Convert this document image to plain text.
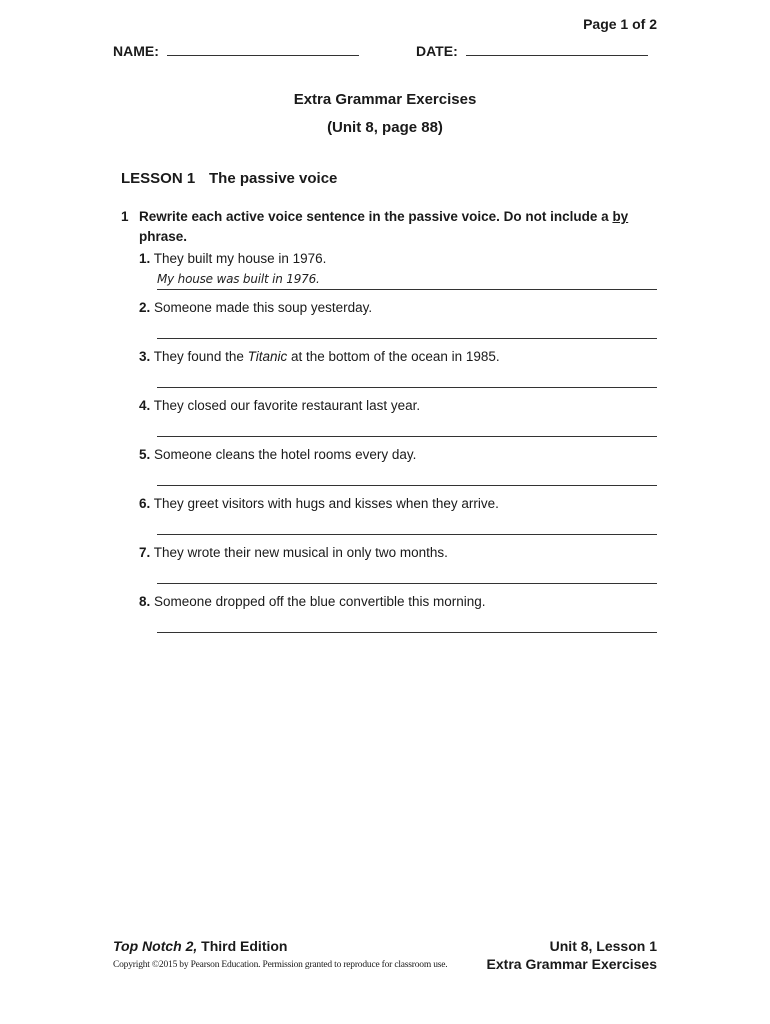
Page 1 of 2
NAME:	DATE:
Extra Grammar Exercises
(Unit 8, page 88)
LESSON 1 The passive voice
1 Rewrite each active voice sentence in the passive voice. Do not include a by phrase.
1. They built my house in 1976.
My house was built in 1976.
2. Someone made this soup yesterday.
3. They found the Titanic at the bottom of the ocean in 1985.
4. They closed our favorite restaurant last year.
5. Someone cleans the hotel rooms every day.
6. They greet visitors with hugs and kisses when they arrive.
7. They wrote their new musical in only two months.
8. Someone dropped off the blue convertible this morning.
Top Notch 2, Third Edition
Copyright ©2015 by Pearson Education. Permission granted to reproduce for classroom use.
Unit 8, Lesson 1
Extra Grammar Exercises
